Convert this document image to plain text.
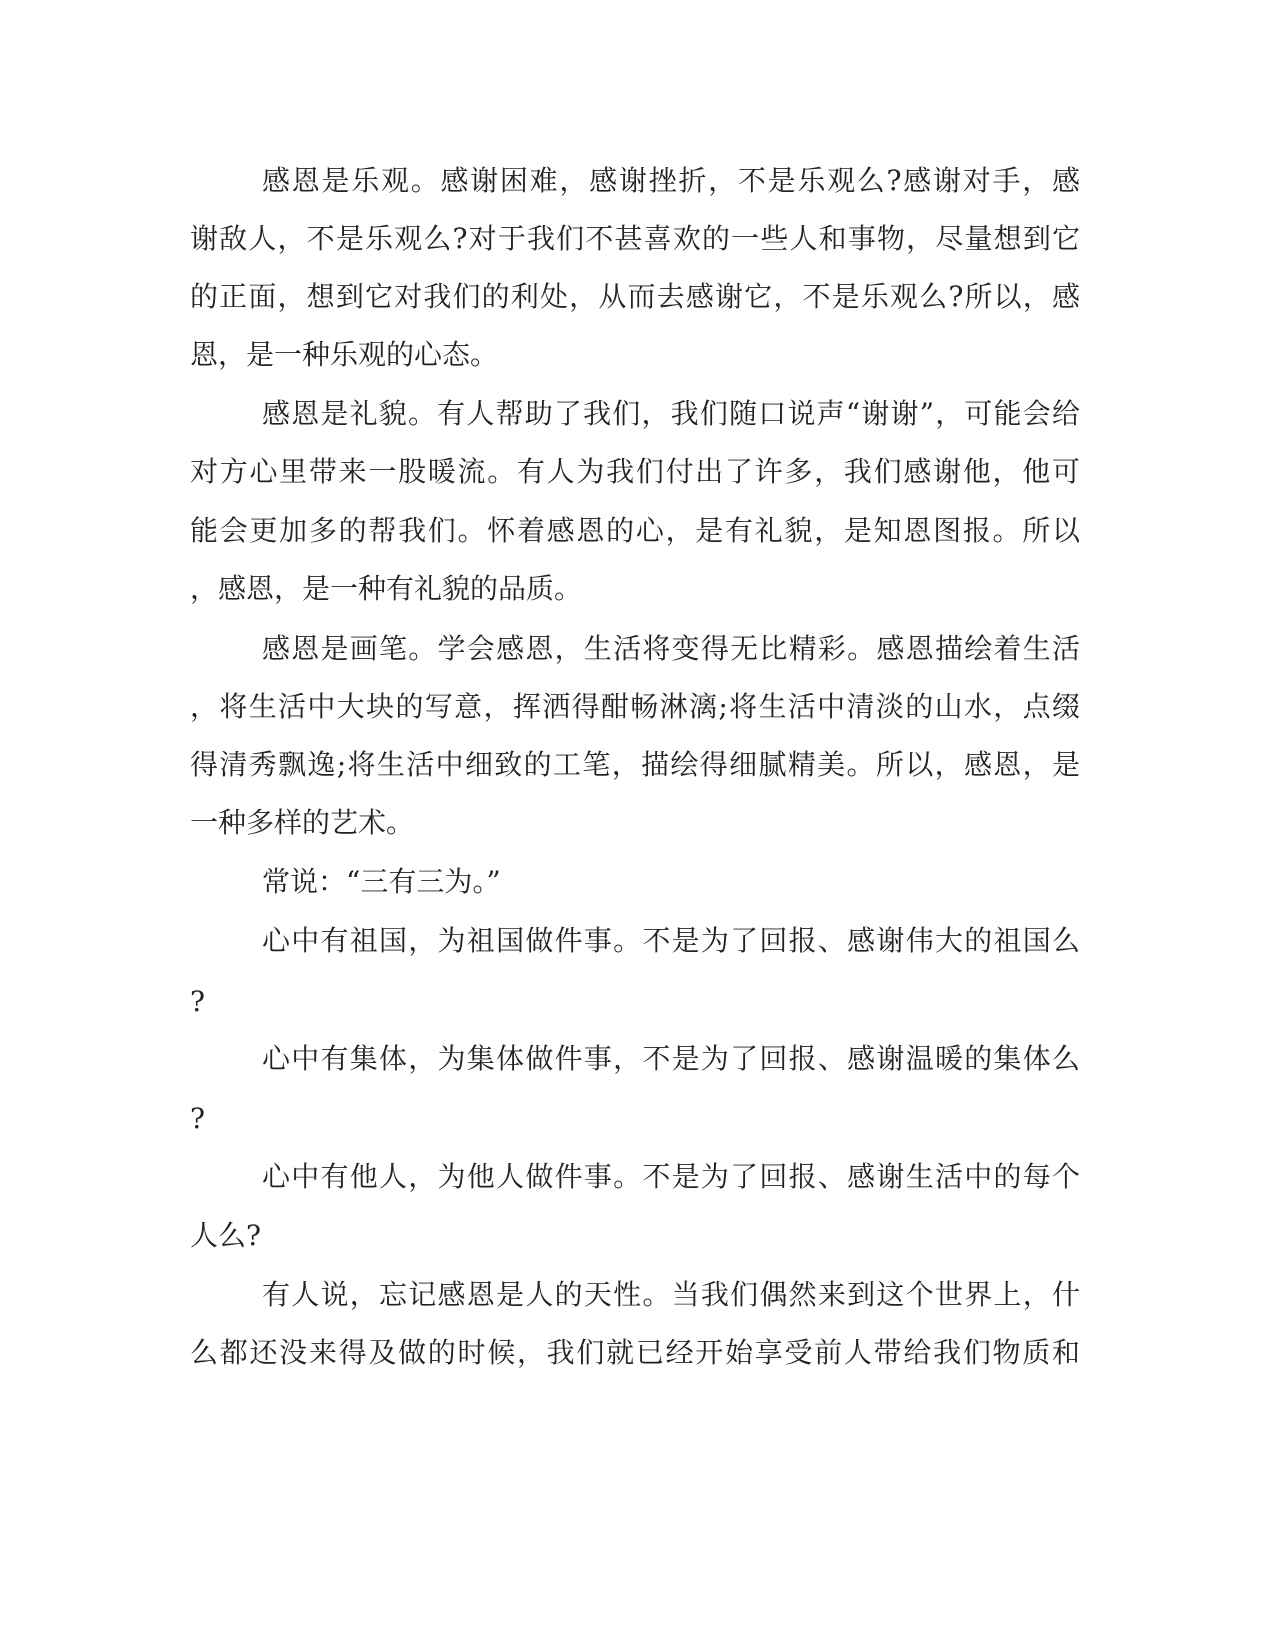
感恩是乐观。感谢困难，感谢挫折，不是乐观么?感谢对手，感
谢敌人，不是乐观么?对于我们不甚喜欢的一些人和事物，尽量想到它
的正面，想到它对我们的利处，从而去感谢它，不是乐观么?所以，感
恩，是一种乐观的心态。
感恩是礼貌。有人帮助了我们，我们随口说声“谢谢”，可能会给
对方心里带来一股暖流。有人为我们付出了许多，我们感谢他，他可
能会更加多的帮我们。怀着感恩的心，是有礼貌，是知恩图报。所以
，感恩，是一种有礼貌的品质。
感恩是画笔。学会感恩，生活将变得无比精彩。感恩描绘着生活
，将生活中大块的写意，挥洒得酣畅淋漓;将生活中清淡的山水，点缀
得清秀飘逸;将生活中细致的工笔，描绘得细腻精美。所以，感恩，是
一种多样的艺术。
常说：“三有三为。”
心中有祖国，为祖国做件事。不是为了回报、感谢伟大的祖国么
?
心中有集体，为集体做件事，不是为了回报、感谢温暖的集体么
?
心中有他人，为他人做件事。不是为了回报、感谢生活中的每个
人么?
有人说，忘记感恩是人的天性。当我们偶然来到这个世界上，什
么都还没来得及做的时候，我们就已经开始享受前人带给我们物质和
